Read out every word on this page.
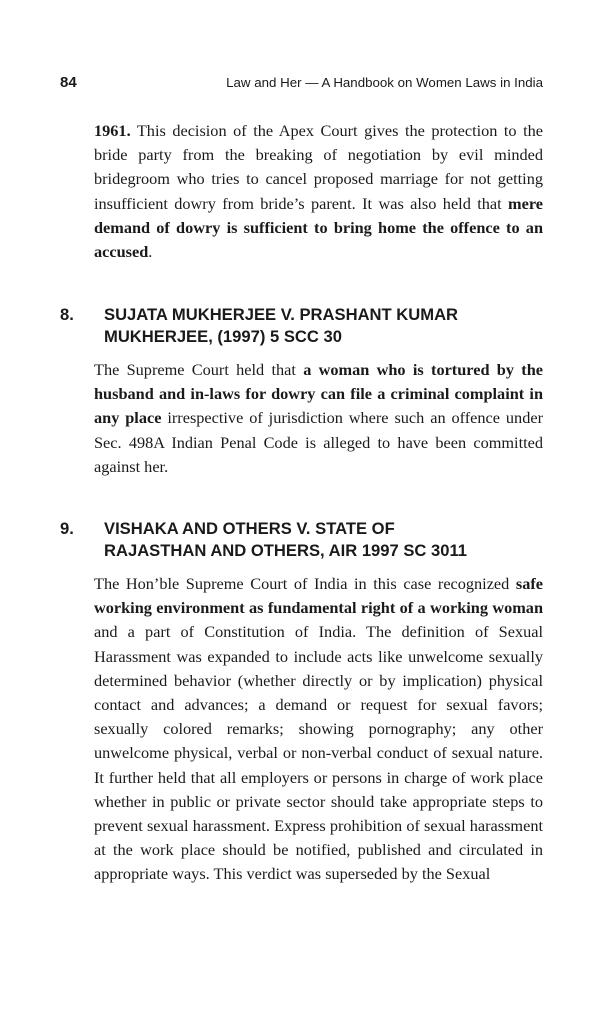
84	Law and Her — A Handbook on Women Laws in India

1961. This decision of the Apex Court gives the protection to the bride party from the breaking of negotiation by evil minded bridegroom who tries to cancel proposed marriage for not getting insufficient dowry from bride’s parent. It was also held that mere demand of dowry is sufficient to bring home the offence to an accused.

8. SUJATA MUKHERJEE V. PRASHANT KUMAR
MUKHERJEE, (1997) 5 SCC 30

The Supreme Court held that a woman who is tortured by the husband and in-laws for dowry can file a criminal complaint in any place irrespective of jurisdiction where such an offence under Sec. 498A Indian Penal Code is alleged to have been committed against her.

9. VISHAKA AND OTHERS V. STATE OF
RAJASTHAN AND OTHERS, AIR 1997 SC 3011

The Hon’ble Supreme Court of India in this case recognized safe working environment as fundamental right of a working woman and a part of Constitution of India. The definition of Sexual Harassment was expanded to include acts like unwelcome sexually determined behavior (whether directly or by implication) physical contact and advances; a demand or request for sexual favors; sexually colored remarks; showing pornography; any other unwelcome physical, verbal or non-verbal conduct of sexual nature. It further held that all employers or persons in charge of work place whether in public or private sector should take appropriate steps to prevent sexual harassment. Express prohibition of sexual harassment at the work place should be notified, published and circulated in appropriate ways. This verdict was superseded by the Sexual
